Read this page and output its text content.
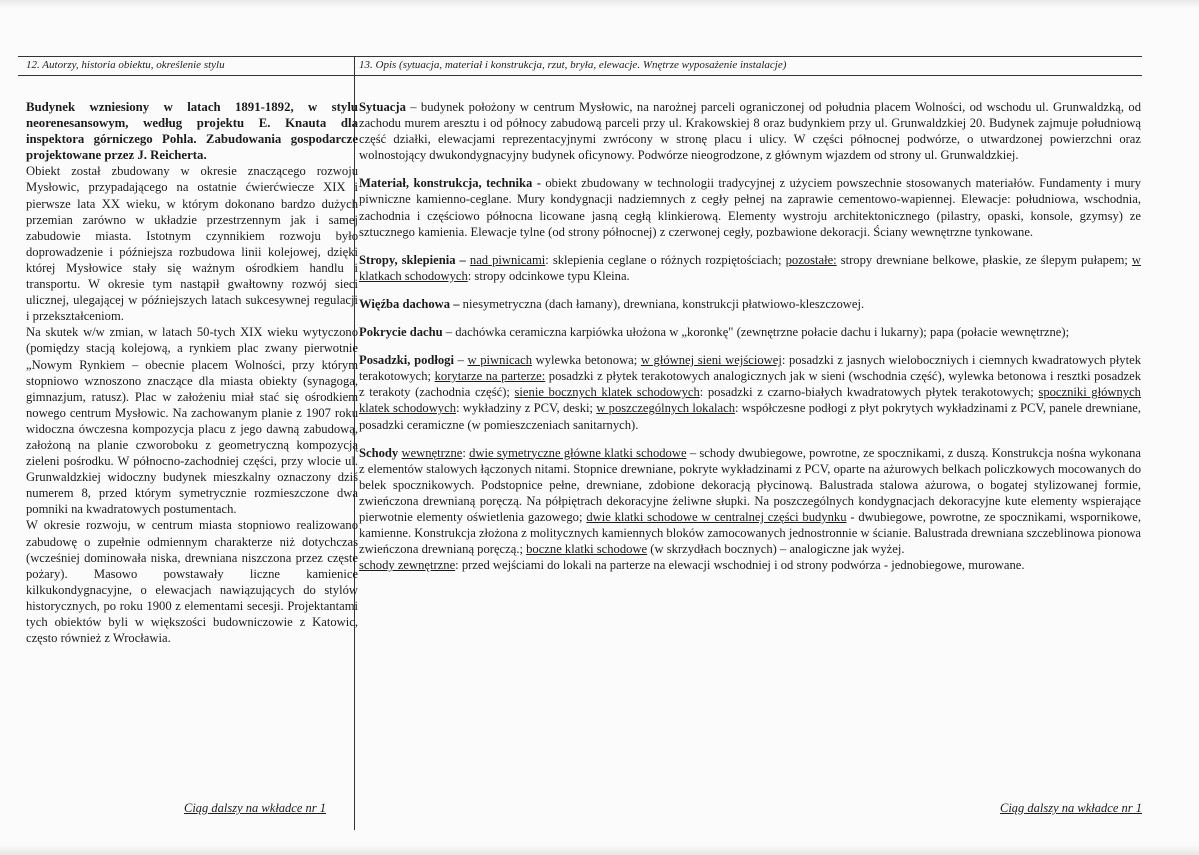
12. Autorzy, historia obiektu, określenie stylu	13. Opis (sytuacja, materiał i konstrukcja, rzut, bryła, elewacje. Wnętrze wyposażenie instalacje)

Budynek wzniesiony w latach 1891-1892, w stylu neorenesansowym, według projektu E. Knauta dla inspektora górniczego Pohla. Zabudowania gospodarcze projektowane przez J. Reicherta.

Obiekt został zbudowany w okresie znaczącego rozwoju Mysłowic, przypadającego na ostatnie ćwierćwiecze XIX i pierwsze lata XX wieku, w którym dokonano bardzo dużych przemian zarówno w układzie przestrzennym jak i samej zabudowie miasta. Istotnym czynnikiem rozwoju było doprowadzenie i późniejsza rozbudowa linii kolejowej, dzięki której Mysłowice stały się ważnym ośrodkiem handlu i transportu. W okresie tym nastąpił gwałtowny rozwój sieci ulicznej, ulegającej w późniejszych latach sukcesywnej regulacji i przekształceniom.

Na skutek w/w zmian, w latach 50-tych XIX wieku wytyczono (pomiędzy stacją kolejową, a rynkiem plac zwany pierwotnie „Nowym Rynkiem – obecnie placem Wolności, przy którym stopniowo wznoszono znaczące dla miasta obiekty (synagoga, gimnazjum, ratusz). Plac w założeniu miał stać się ośrodkiem nowego centrum Mysłowic. Na zachowanym planie z 1907 roku widoczna ówczesna kompozycja placu z jego dawną zabudową, założoną na planie czworoboku z geometryczną kompozycją zieleni pośrodku. W północno-zachodniej części, przy wlocie ul. Grunwaldzkiej widoczny budynek mieszkalny oznaczony dziś numerem 8, przed którym symetrycznie rozmieszczone dwa pomniki na kwadratowych postumentach.

W okresie rozwoju, w centrum miasta stopniowo realizowano zabudowę o zupełnie odmiennym charakterze niż dotychczas (wcześniej dominowała niska, drewniana niszczona przez częste pożary). Masowo powstawały liczne kamienice kilkukondygnacyjne, o elewacjach nawiązujących do stylów historycznych, po roku 1900 z elementami secesji. Projektantami tych obiektów byli w większości budowniczowie z Katowic, często również z Wrocławia.

Sytuacja – budynek położony w centrum Mysłowic, na narożnej parceli ograniczonej od południa placem Wolności, od wschodu ul. Grunwaldzką, od zachodu murem aresztu i od północy zabudową parceli przy ul. Krakowskiej 8 oraz budynkiem przy ul. Grunwaldzkiej 20. Budynek zajmuje południową część działki, elewacjami reprezentacyjnymi zwrócony w stronę placu i ulicy. W części północnej podwórze, o utwardzonej powierzchni oraz wolnostojący dwukondygnacyjny budynek oficynowy. Podwórze nieogrodzone, z głównym wjazdem od strony ul. Grunwaldzkiej.

Materiał, konstrukcja, technika - obiekt zbudowany w technologii tradycyjnej z użyciem powszechnie stosowanych materiałów. Fundamenty i mury piwniczne kamienno-ceglane. Mury kondygnacji nadziemnych z cegły pełnej na zaprawie cementowo-wapiennej. Elewacje: południowa, wschodnia, zachodnia i częściowo północna licowane jasną cegłą klinkierową. Elementy wystroju architektonicznego (pilastry, opaski, konsole, gzymsy) ze sztucznego kamienia. Elewacje tylne (od strony północnej) z czerwonej cegły, pozbawione dekoracji. Ściany wewnętrzne tynkowane.

Stropy, sklepienia – nad piwnicami: sklepienia ceglane o różnych rozpiętościach; pozostałe: stropy drewniane belkowe, płaskie, ze ślepym pułapem; w klatkach schodowych: stropy odcinkowe typu Kleina.

Więźba dachowa – niesymetryczna (dach łamany), drewniana, konstrukcji płatwiowo-kleszczowej.

Pokrycie dachu – dachówka ceramiczna karpiówka ułożona w „koronkę" (zewnętrzne połacie dachu i lukarny); papa (połacie wewnętrzne);

Posadzki, podłogi – w piwnicach wylewka betonowa; w głównej sieni wejściowej: posadzki z jasnych wieloboczniych i ciemnych kwadratowych płytek terakotowych; korytarze na parterze: posadzki z płytek terakotowych analogicznych jak w sieni (wschodnia część), wylewka betonowa i resztki posadzek z terakoty (zachodnia część); sienie bocznych klatek schodowych: posadzki z czarno-białych kwadratowych płytek terakotowych; spoczniki głównych klatek schodowych: wykładziny z PCV, deski; w poszczególnych lokalach: współczesne podłogi z płyt pokrytych wykładzinami z PCV, panele drewniane, posadzki ceramiczne (w pomieszczeniach sanitarnych).

Schody wewnętrzne: dwie symetryczne główne klatki schodowe – schody dwubiegowe, powrotne, ze spocznikami, z duszą. Konstrukcja nośna wykonana z elementów stalowych łączonych nitami. Stopnice drewniane, pokryte wykładzinami z PCV, oparte na ażurowych belkach policzkowych mocowanych do belek spocznikowych. Podstopnice pełne, drewniane, zdobione dekoracją płycinową. Balustrada stalowa ażurowa, o bogatej stylizowanej formie, zwieńczona drewnianą poręczą. Na półpiętrach dekoracyjne żeliwne słupki. Na poszczególnych kondygnacjach dekoracyjne kute elementy wspierające pierwotnie elementy oświetlenia gazowego; dwie klatki schodowe w centralnej części budynku - dwubiegowe, powrotne, ze spocznikami, wspornikowe, kamienne. Konstrukcja złożona z molitycznych kamiennych bloków zamocowanych jednostronnie w ścianie. Balustrada drewniana szczeblinowa pionowa zwieńczona drewnianą poręczą.; boczne klatki schodowe (w skrzydłach bocznych) – analogiczne jak wyżej.
schody zewnętrzne: przed wejściami do lokali na parterze na elewacji wschodniej i od strony podwórza - jednobiegowe, murowane.

Ciąg dalszy na wkładce nr 1	Ciąg dalszy na wkładce nr 1
